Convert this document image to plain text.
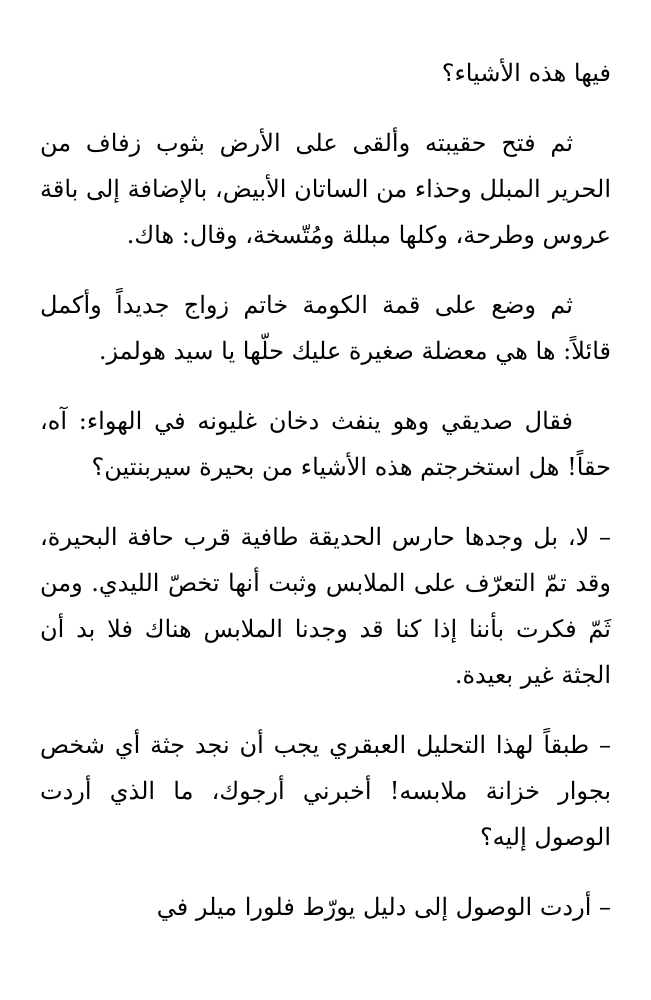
فيها هذه الأشياء؟

ثم فتح حقيبته وألقى على الأرض بثوب زفاف من الحرير المبلل وحذاء من الساتان الأبيض، بالإضافة إلى باقة عروس وطرحة، وكلها مبللة ومُتّسخة، وقال: هاك.

ثم وضع على قمة الكومة خاتم زواج جديداً وأكمل قائلاً: ها هي معضلة صغيرة عليك حلّها يا سيد هولمز.

فقال صديقي وهو ينفث دخان غليونه في الهواء: آه، حقاً! هل استخرجتم هذه الأشياء من بحيرة سيربنتين؟

– لا، بل وجدها حارس الحديقة طافية قرب حافة البحيرة، وقد تمّ التعرّف على الملابس وثبت أنها تخصّ الليدي. ومن ثَمّ فكرت بأننا إذا كنا قد وجدنا الملابس هناك فلا بد أن الجثة غير بعيدة.

– طبقاً لهذا التحليل العبقري يجب أن نجد جثة أي شخص بجوار خزانة ملابسه! أخبرني أرجوك، ما الذي أردت الوصول إليه؟

– أردت الوصول إلى دليل يورّط فلورا ميلر في
